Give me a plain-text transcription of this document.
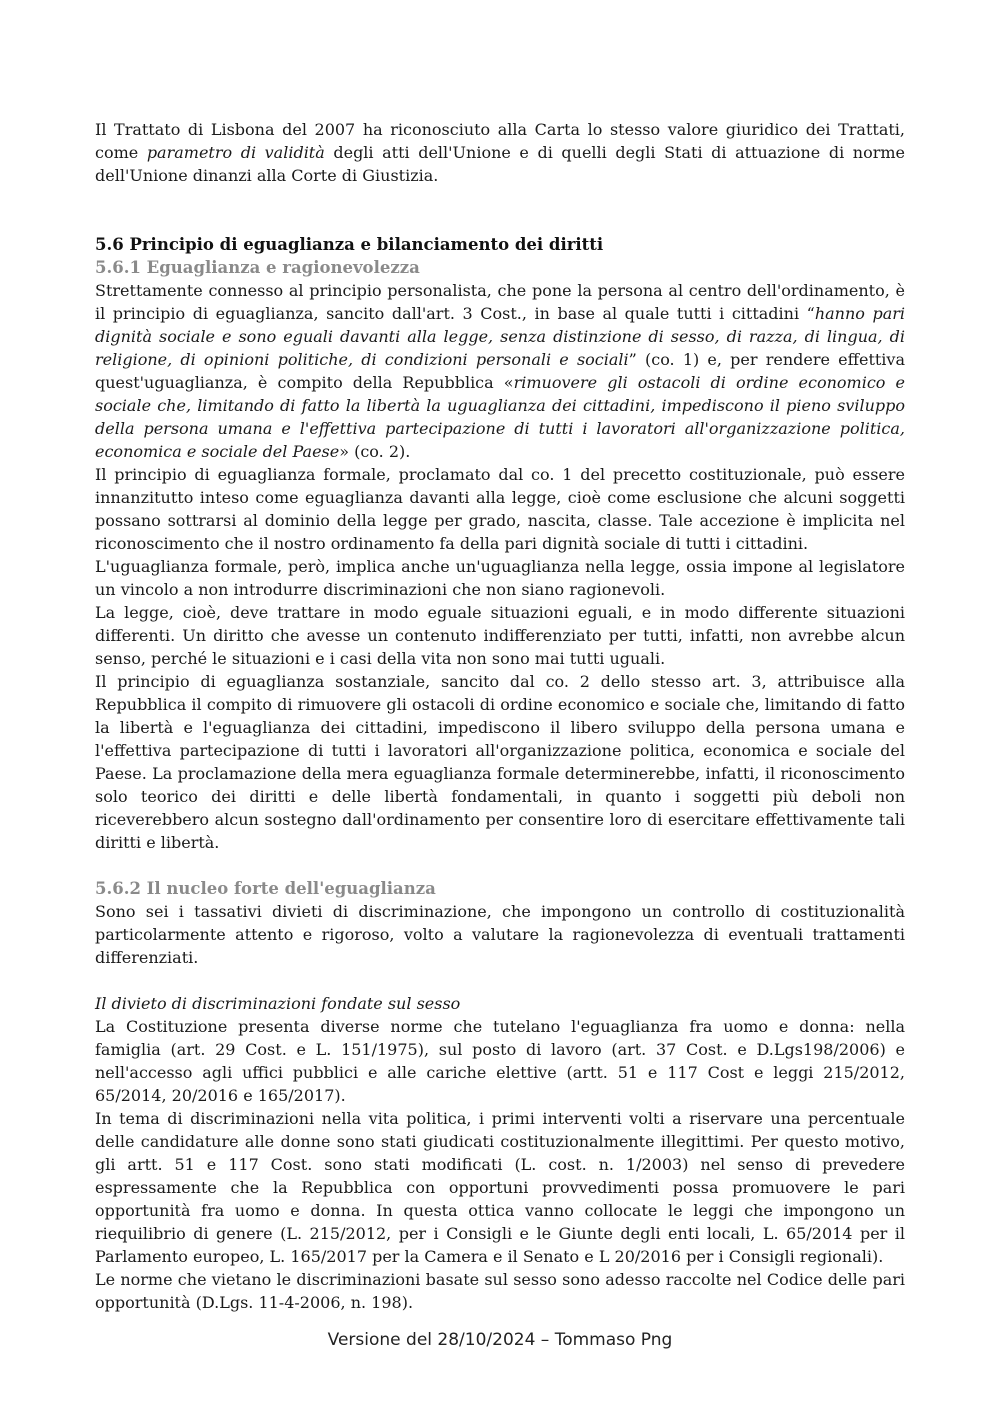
Il Trattato di Lisbona del 2007 ha riconosciuto alla Carta lo stesso valore giuridico dei Trattati, come parametro di validità degli atti dell'Unione e di quelli degli Stati di attuazione di norme dell'Unione dinanzi alla Corte di Giustizia.

5.6 Principio di eguaglianza e bilanciamento dei diritti
5.6.1 Eguaglianza e ragionevolezza

Strettamente connesso al principio personalista, che pone la persona al centro dell'ordinamento, è il principio di eguaglianza, sancito dall'art. 3 Cost., in base al quale tutti i cittadini “hanno pari dignità sociale e sono eguali davanti alla legge, senza distinzione di sesso, di razza, di lingua, di religione, di opinioni politiche, di condizioni personali e sociali” (co. 1) e, per rendere effettiva quest'uguaglianza, è compito della Repubblica «rimuovere gli ostacoli di ordine economico e sociale che, limitando di fatto la libertà la uguaglianza dei cittadini, impediscono il pieno sviluppo della persona umana e l'effettiva partecipazione di tutti i lavoratori all'organizzazione politica, economica e sociale del Paese» (co. 2).

Il principio di eguaglianza formale, proclamato dal co. 1 del precetto costituzionale, può essere innanzitutto inteso come eguaglianza davanti alla legge, cioè come esclusione che alcuni soggetti possano sottrarsi al dominio della legge per grado, nascita, classe. Tale accezione è implicita nel riconoscimento che il nostro ordinamento fa della pari dignità sociale di tutti i cittadini.

L'uguaglianza formale, però, implica anche un'uguaglianza nella legge, ossia impone al legislatore un vincolo a non introdurre discriminazioni che non siano ragionevoli.

La legge, cioè, deve trattare in modo eguale situazioni eguali, e in modo differente situazioni differenti. Un diritto che avesse un contenuto indifferenziato per tutti, infatti, non avrebbe alcun senso, perché le situazioni e i casi della vita non sono mai tutti uguali.

Il principio di eguaglianza sostanziale, sancito dal co. 2 dello stesso art. 3, attribuisce alla Repubblica il compito di rimuovere gli ostacoli di ordine economico e sociale che, limitando di fatto la libertà e l'eguaglianza dei cittadini, impediscono il libero sviluppo della persona umana e l'effettiva partecipazione di tutti i lavoratori all'organizzazione politica, economica e sociale del Paese. La proclamazione della mera eguaglianza formale determinerebbe, infatti, il riconoscimento solo teorico dei diritti e delle libertà fondamentali, in quanto i soggetti più deboli non riceverebbero alcun sostegno dall'ordinamento per consentire loro di esercitare effettivamente tali diritti e libertà.

5.6.2 Il nucleo forte dell'eguaglianza

Sono sei i tassativi divieti di discriminazione, che impongono un controllo di costituzionalità particolarmente attento e rigoroso, volto a valutare la ragionevolezza di eventuali trattamenti differenziati.

Il divieto di discriminazioni fondate sul sesso

La Costituzione presenta diverse norme che tutelano l'eguaglianza fra uomo e donna: nella famiglia (art. 29 Cost. e L. 151/1975), sul posto di lavoro (art. 37 Cost. e D.Lgs198/2006) e nell'accesso agli uffici pubblici e alle cariche elettive (artt. 51 e 117 Cost e leggi 215/2012, 65/2014, 20/2016 e 165/2017).

In tema di discriminazioni nella vita politica, i primi interventi volti a riservare una percentuale delle candidature alle donne sono stati giudicati costituzionalmente illegittimi. Per questo motivo, gli artt. 51 e 117 Cost. sono stati modificati (L. cost. n. 1/2003) nel senso di prevedere espressamente che la Repubblica con opportuni provvedimenti possa promuovere le pari opportunità fra uomo e donna. In questa ottica vanno collocate le leggi che impongono un riequilibrio di genere (L. 215/2012, per i Consigli e le Giunte degli enti locali, L. 65/2014 per il Parlamento europeo, L. 165/2017 per la Camera e il Senato e L 20/2016 per i Consigli regionali).

Le norme che vietano le discriminazioni basate sul sesso sono adesso raccolte nel Codice delle pari opportunità (D.Lgs. 11-4-2006, n. 198).

Versione del 28/10/2024 – Tommaso Png
